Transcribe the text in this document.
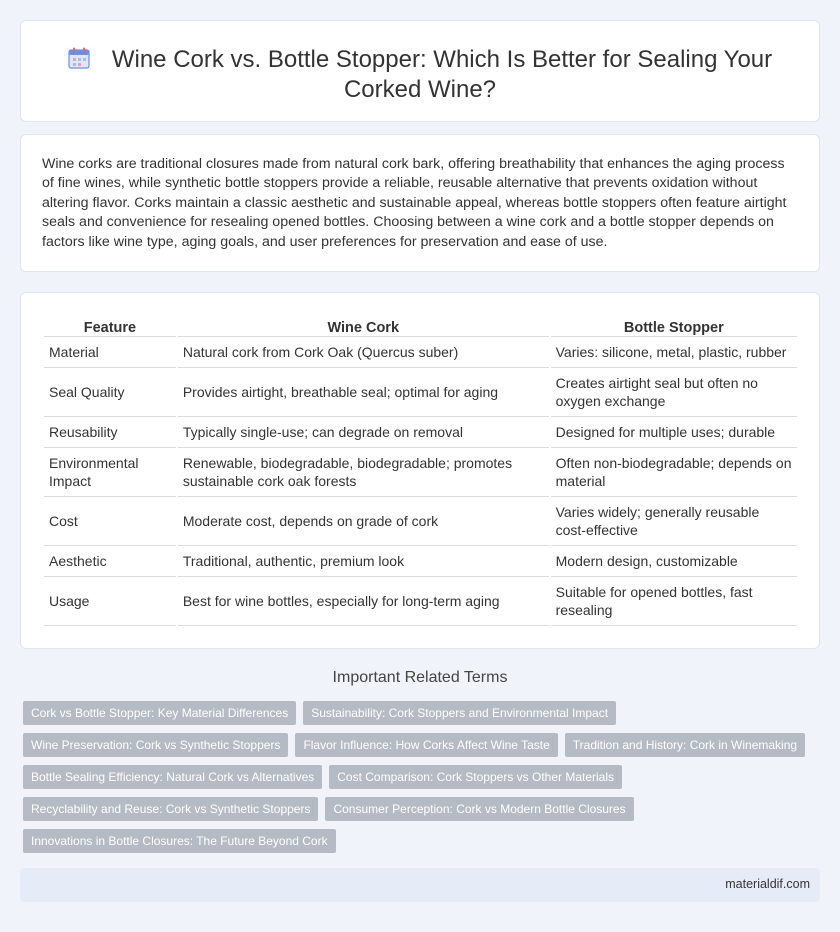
Wine Cork vs. Bottle Stopper: Which Is Better for Sealing Your
Corked Wine?

Wine corks are traditional closures made from natural cork bark, offering breathability that enhances the aging process of fine wines, while synthetic bottle stoppers provide a reliable, reusable alternative that prevents oxidation without altering flavor. Corks maintain a classic aesthetic and sustainable appeal, whereas bottle stoppers often feature airtight seals and convenience for resealing opened bottles. Choosing between a wine cork and a bottle stopper depends on factors like wine type, aging goals, and user preferences for preservation and ease of use.

Feature	Wine Cork	Bottle Stopper
Material	Natural cork from Cork Oak (Quercus suber)	Varies: silicone, metal, plastic, rubber
Seal Quality	Provides airtight, breathable seal; optimal for aging	Creates airtight seal but often no oxygen exchange
Reusability	Typically single-use; can degrade on removal	Designed for multiple uses; durable
Environmental Impact	Renewable, biodegradable, biodegradable; promotes sustainable cork oak forests	Often non-biodegradable; depends on material
Cost	Moderate cost, depends on grade of cork	Varies widely; generally reusable cost-effective
Aesthetic	Traditional, authentic, premium look	Modern design, customizable
Usage	Best for wine bottles, especially for long-term aging	Suitable for opened bottles, fast resealing
Important Related Terms
Cork vs Bottle Stopper: Key Material Differences	Sustainability: Cork Stoppers and Environmental Impact
Wine Preservation: Cork vs Synthetic Stoppers	Flavor Influence: How Corks Affect Wine Taste	Tradition and History: Cork in Winemaking
Bottle Sealing Efficiency: Natural Cork vs Alternatives	Cost Comparison: Cork Stoppers vs Other Materials
Recyclability and Reuse: Cork vs Synthetic Stoppers	Consumer Perception: Cork vs Modern Bottle Closures
Innovations in Bottle Closures: The Future Beyond Cork
materialdif.com
